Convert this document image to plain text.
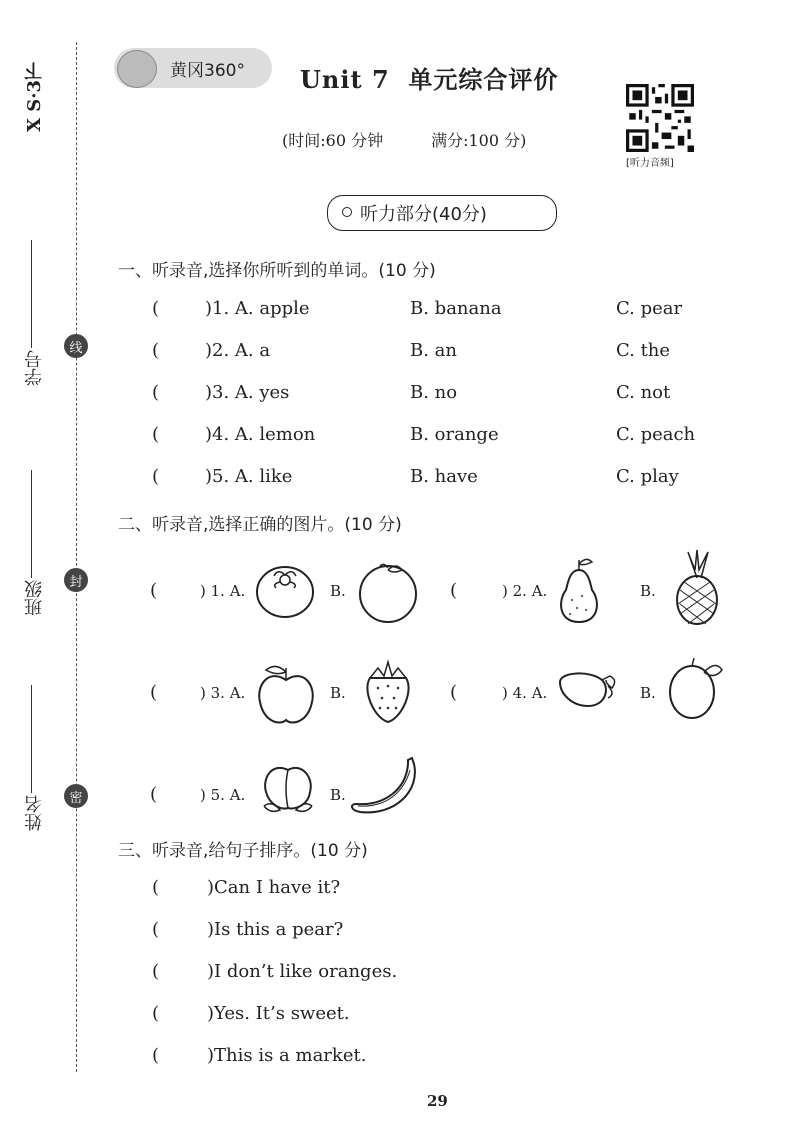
X S·3下
学号
班级
姓名
线
封
密
黄冈360° Unit 7  单元综合评价
(时间:60 分钟	满分:100 分)
[听力音频]
听力部分(40分)
一、听录音,选择你所听到的单词。(10 分)
(	)1. A. apple	B. banana	C. pear
(	)2. A. a	B. an	C. the
(	)3. A. yes	B. no	C. not
(	)4. A. lemon	B. orange	C. peach
(	)5. A. like	B. have	C. play
二、听录音,选择正确的图片。(10 分)
(	) 1. A.	B.	(	) 2. A.	B.
(	) 3. A.	B.	(	) 4. A.	B.
(	) 5. A.	B.
三、听录音,给句子排序。(10 分)
(	)Can I have it?
(	)Is this a pear?
(	)I don’t like oranges.
(	)Yes. It’s sweet.
(	)This is a market.
29
